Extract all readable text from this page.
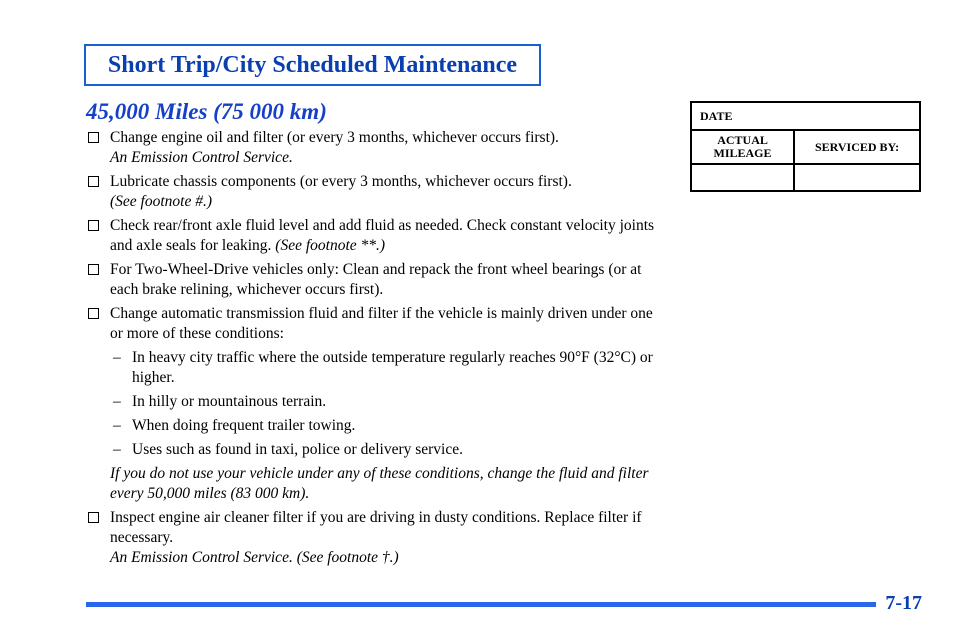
Short Trip/City Scheduled Maintenance
45,000 Miles (75 000 km)
Change engine oil and filter (or every 3 months, whichever occurs first).
An Emission Control Service.
Lubricate chassis components (or every 3 months, whichever occurs first).
(See footnote #.)
Check rear/front axle fluid level and add fluid as needed. Check constant velocity joints and axle seals for leaking. (See footnote **.)
For Two-Wheel-Drive vehicles only: Clean and repack the front wheel bearings (or at each brake relining, whichever occurs first).
Change automatic transmission fluid and filter if the vehicle is mainly driven under one or more of these conditions:
– In heavy city traffic where the outside temperature regularly reaches 90°F (32°C) or higher.
– In hilly or mountainous terrain.
– When doing frequent trailer towing.
– Uses such as found in taxi, police or delivery service.
If you do not use your vehicle under any of these conditions, change the fluid and filter every 50,000 miles (83 000 km).
Inspect engine air cleaner filter if you are driving in dusty conditions. Replace filter if necessary.
An Emission Control Service. (See footnote †.)
DATE	
ACTUAL MILEAGE	SERVICED BY:

7-17
